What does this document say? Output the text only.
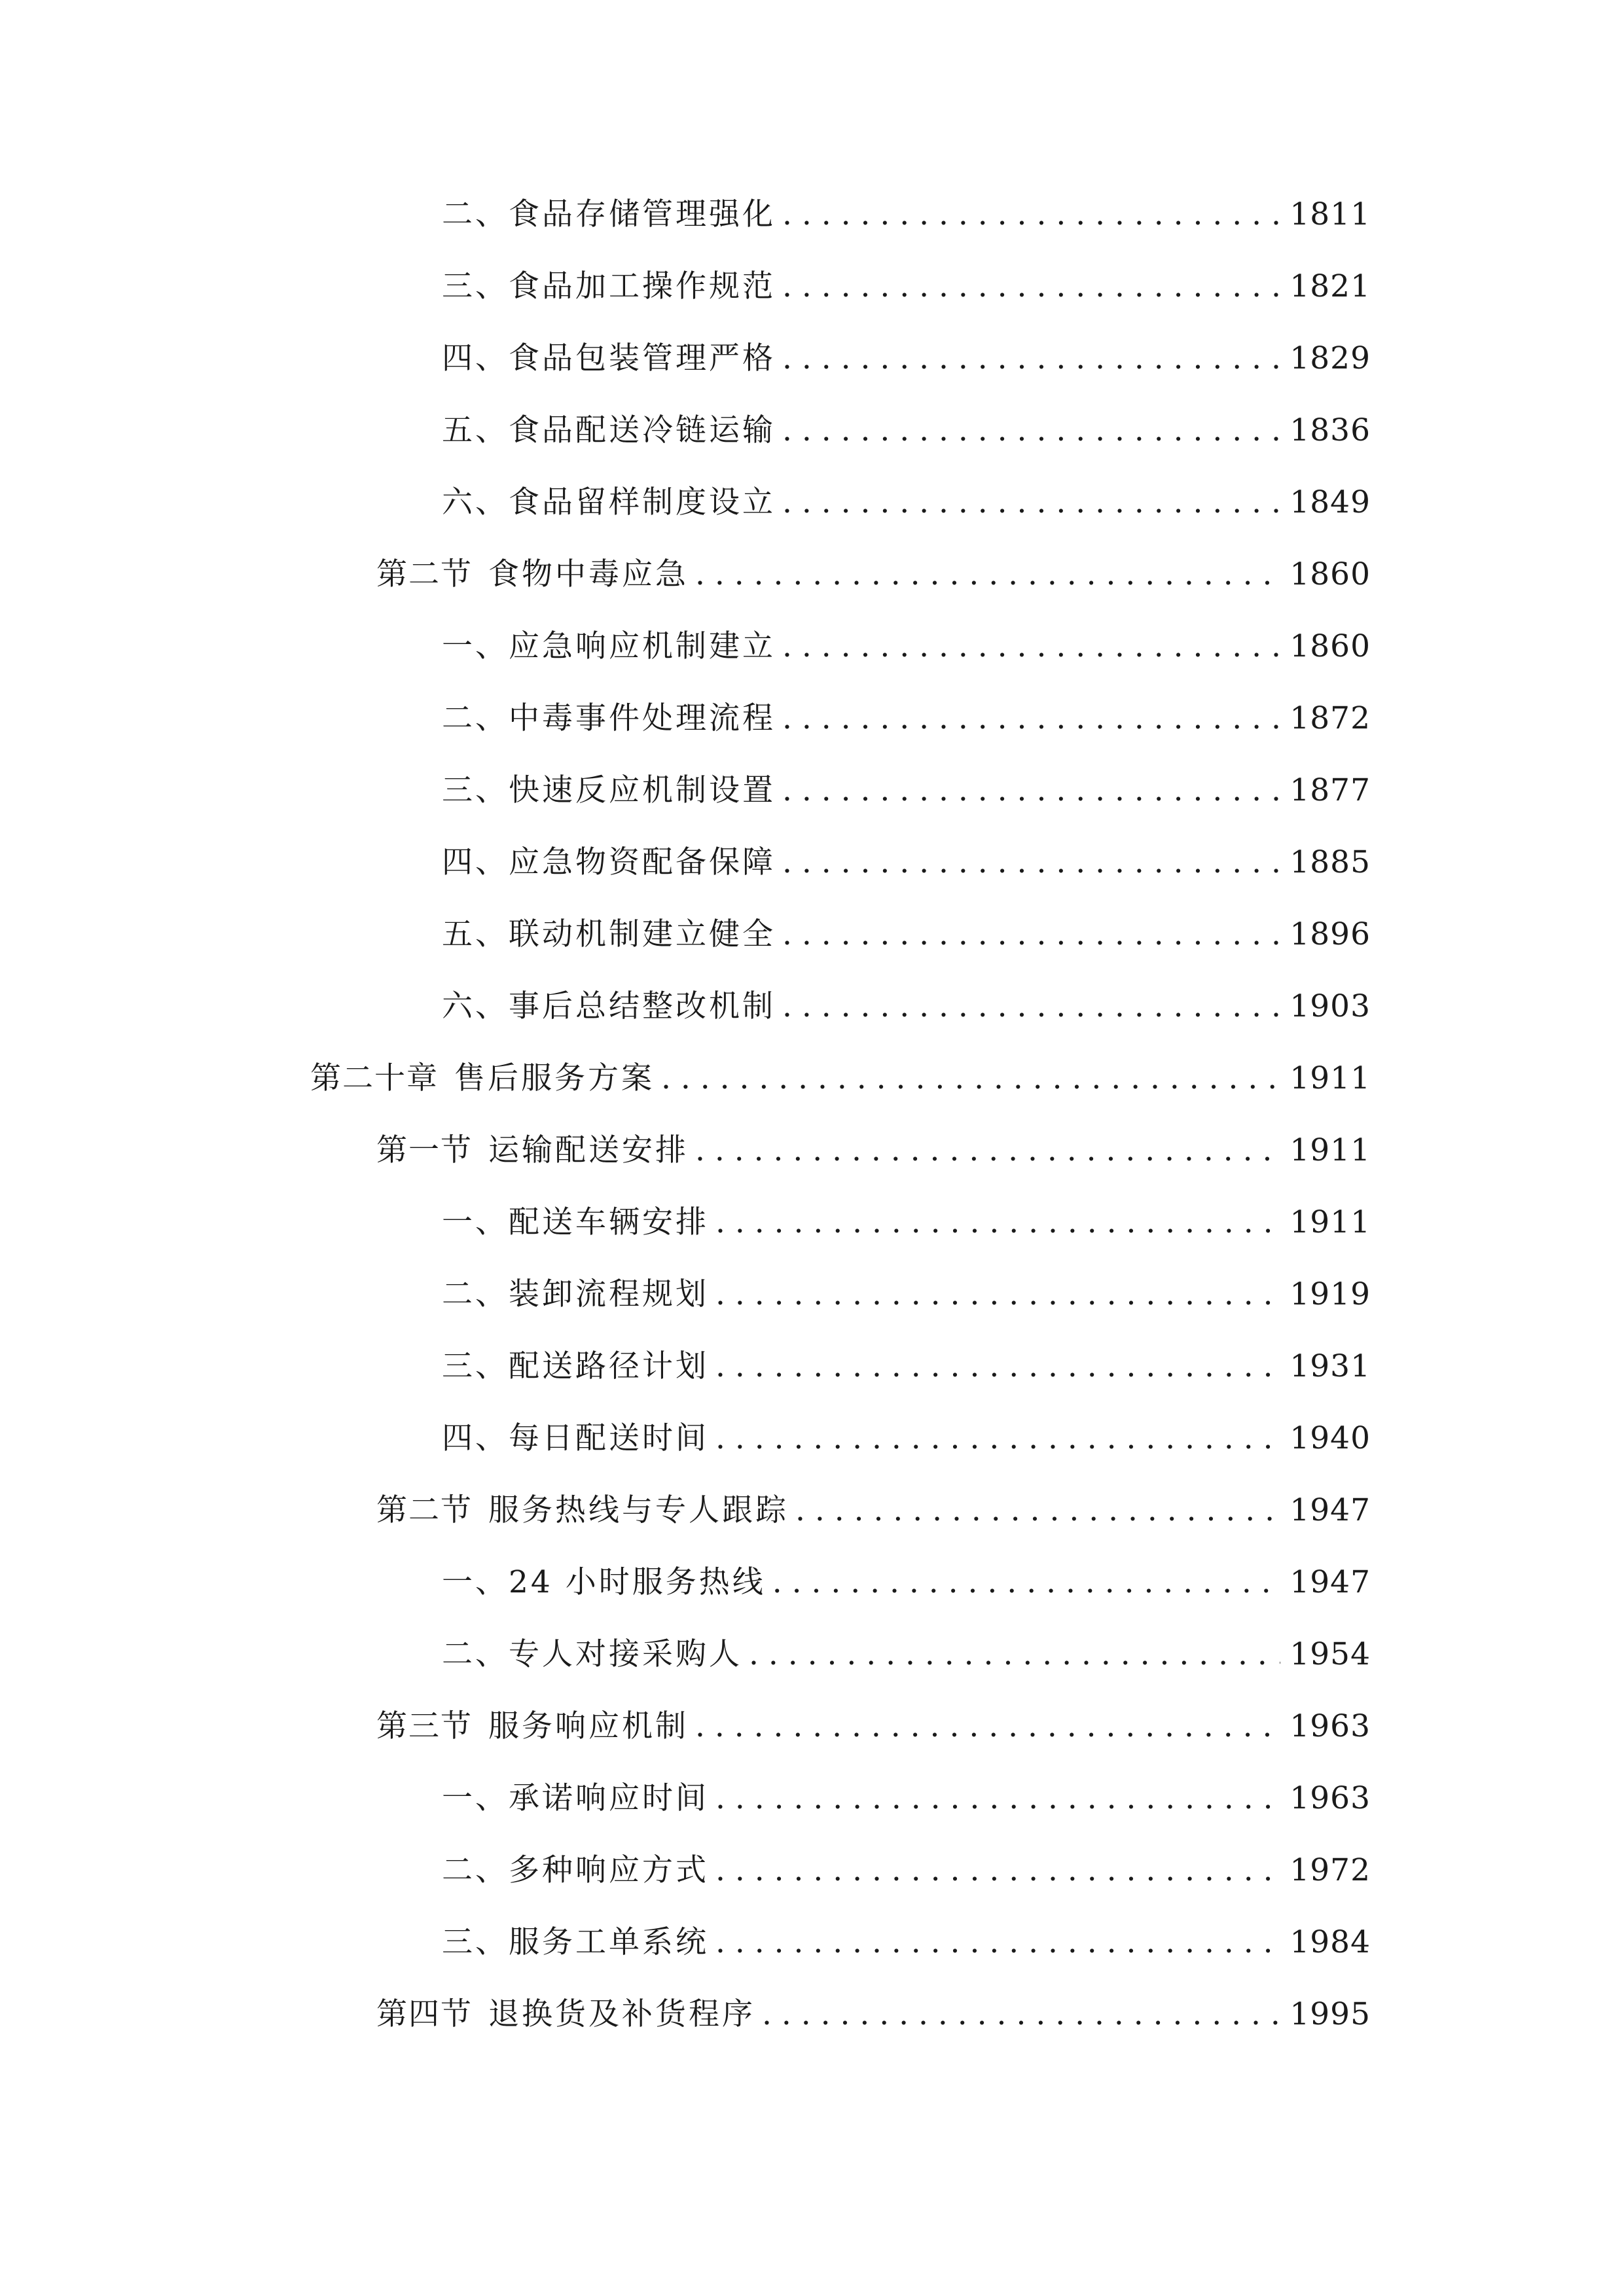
二、 食品存储管理强化 . . .	1811
三、 食品加工操作规范 . . .	1821
四、 食品包装管理严格 . . .	1829
五、 食品配送冷链运输 . . .	1836
六、 食品留样制度设立 . . .	1849
第二节 食物中毒应急 . . .	1860
一、 应急响应机制建立 . . .	1860
二、 中毒事件处理流程 . . .	1872
三、 快速反应机制设置 . . .	1877
四、 应急物资配备保障 . . .	1885
五、 联动机制建立健全 . . .	1896
六、 事后总结整改机制 . . .	1903
第二十章 售后服务方案 . . .	1911
第一节 运输配送安排 . . .	1911
一、 配送车辆安排 . . .	1911
二、 装卸流程规划 . . .	1919
三、 配送路径计划 . . .	1931
四、 每日配送时间 . . .	1940
第二节 服务热线与专人跟踪 . . .	1947
一、 24 小时服务热线 . . .	1947
二、 专人对接采购人 . . .	1954
第三节 服务响应机制 . . .	1963
一、 承诺响应时间 . . .	1963
二、 多种响应方式 . . .	1972
三、 服务工单系统 . . .	1984
第四节 退换货及补货程序 . . .	1995
